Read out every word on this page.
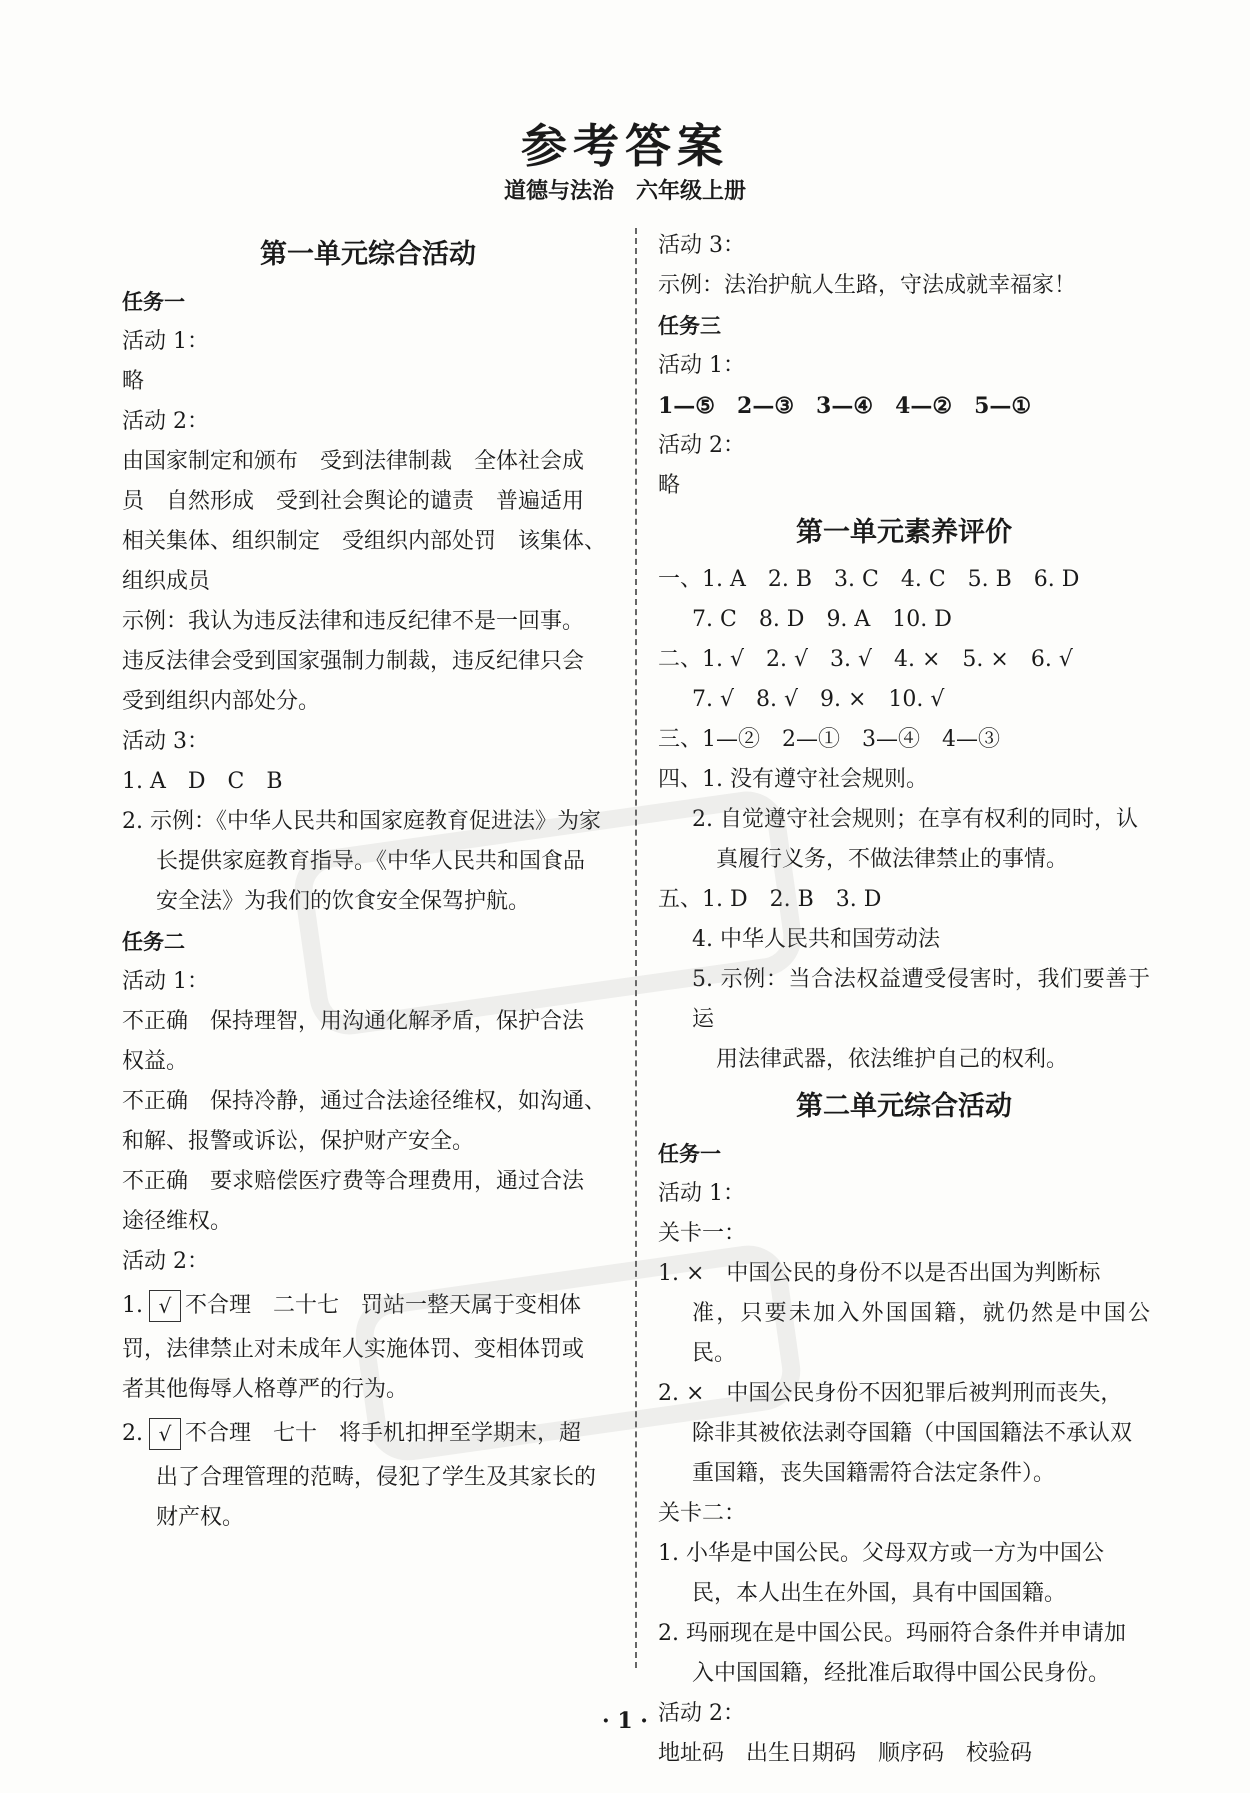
参考答案
道德与法治　六年级上册
第一单元综合活动
任务一
活动 1：
略
活动 2：
由国家制定和颁布　受到法律制裁　全体社会成
员　自然形成　受到社会舆论的谴责　普遍适用
相关集体、组织制定　受组织内部处罚　该集体、
组织成员
示例：我认为违反法律和违反纪律不是一回事。
违反法律会受到国家强制力制裁，违反纪律只会
受到组织内部处分。
活动 3：
1. A　D　C　B
2. 示例：《中华人民共和国家庭教育促进法》为家
长提供家庭教育指导。《中华人民共和国食品
安全法》为我们的饮食安全保驾护航。
任务二
活动 1：
不正确　保持理智，用沟通化解矛盾，保护合法
权益。
不正确　保持冷静，通过合法途径维权，如沟通、
和解、报警或诉讼，保护财产安全。
不正确　要求赔偿医疗费等合理费用，通过合法
途径维权。
活动 2：
1. √ 不合理　二十七　罚站一整天属于变相体
罚，法律禁止对未成年人实施体罚、变相体罚或
者其他侮辱人格尊严的行为。
2. √ 不合理　七十　将手机扣押至学期末，超
出了合理管理的范畴，侵犯了学生及其家长的
财产权。
活动 3：
示例：法治护航人生路，守法成就幸福家！
任务三
活动 1：
1—⑤　2—③　3—④　4—②　5—①
活动 2：
略
第一单元素养评价
一、1. A　2. B　3. C　4. C　5. B　6. D
7. C　8. D　9. A　10. D
二、1. √　2. √　3. √　4. ×　5. ×　6. √
7. √　8. √　9. ×　10. √
三、1—②　2—①　3—④　4—③
四、1. 没有遵守社会规则。
2. 自觉遵守社会规则；在享有权利的同时，认
真履行义务，不做法律禁止的事情。
五、1. D　2. B　3. D
4. 中华人民共和国劳动法
5. 示例：当合法权益遭受侵害时，我们要善于运
用法律武器，依法维护自己的权利。
第二单元综合活动
任务一
活动 1：
关卡一：
1. ×　中国公民的身份不以是否出国为判断标
准，只要未加入外国国籍，就仍然是中国公民。
2. ×　中国公民身份不因犯罪后被判刑而丧失，
除非其被依法剥夺国籍（中国国籍法不承认双
重国籍，丧失国籍需符合法定条件）。
关卡二：
1. 小华是中国公民。父母双方或一方为中国公
民，本人出生在外国，具有中国国籍。
2. 玛丽现在是中国公民。玛丽符合条件并申请加
入中国国籍，经批准后取得中国公民身份。
活动 2：
地址码　出生日期码　顺序码　校验码
· 1 ·
